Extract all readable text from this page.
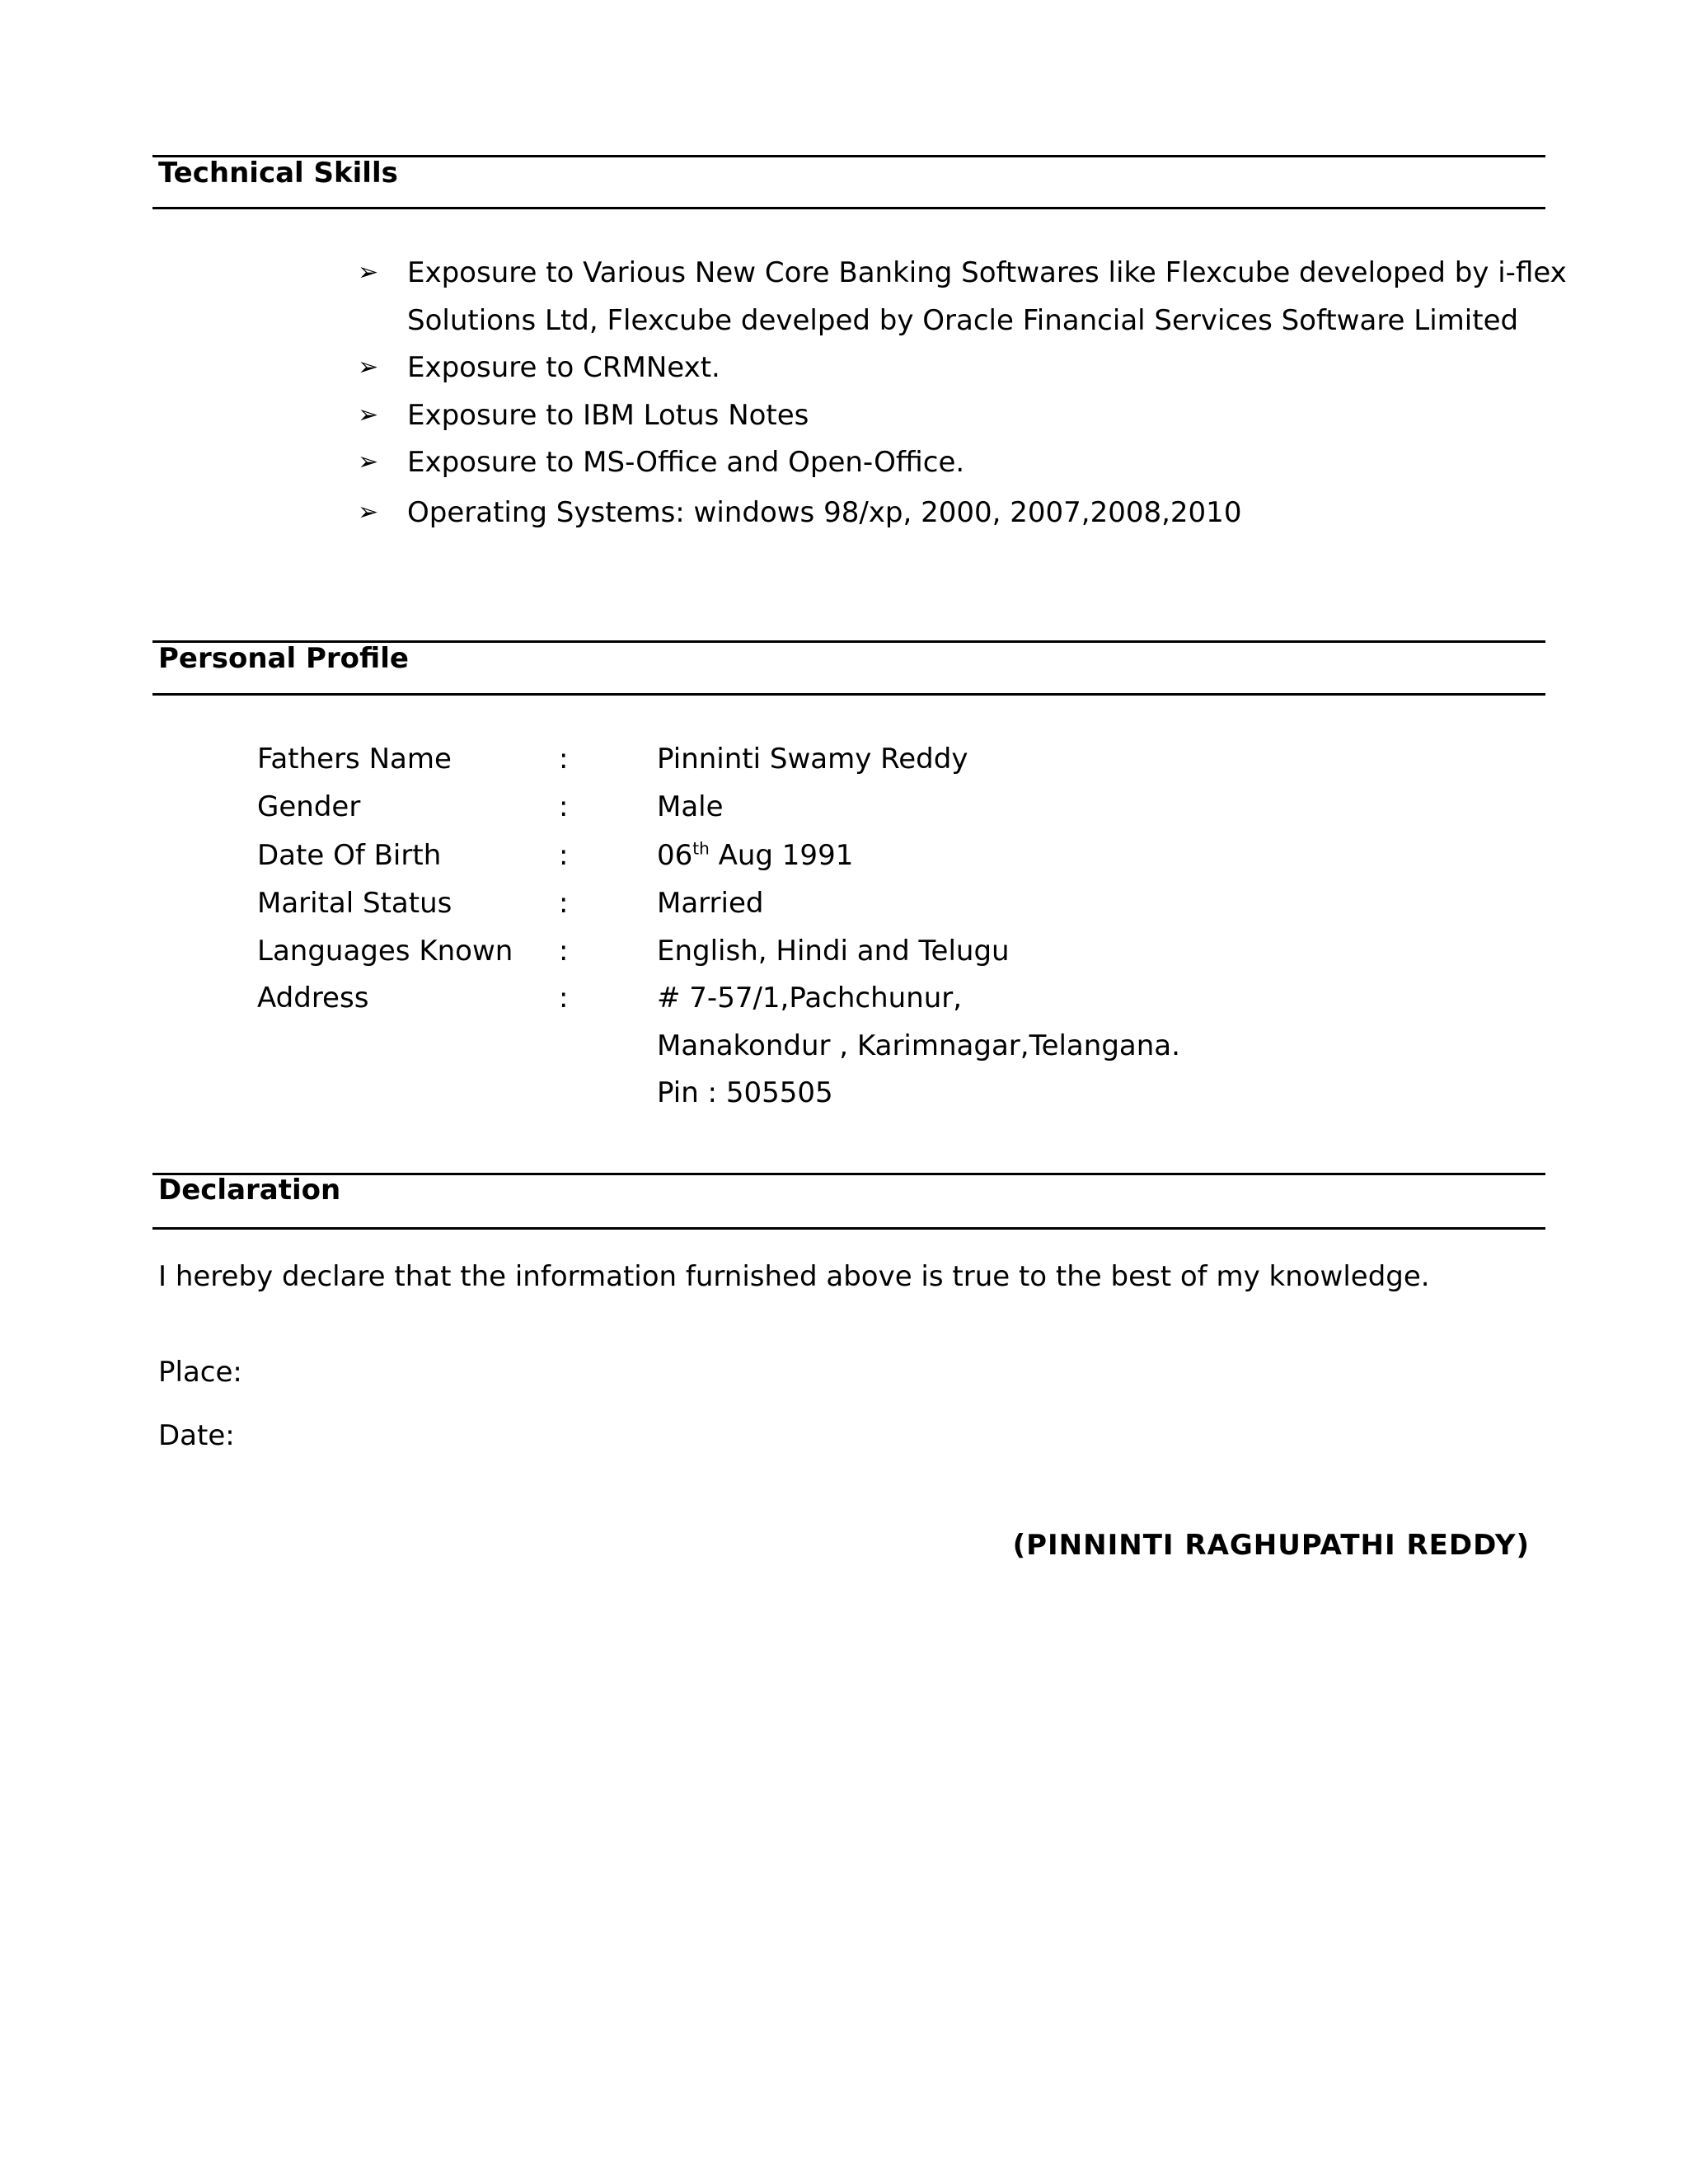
Technical Skills
➢ Exposure to Various New Core Banking Softwares like Flexcube developed by i-flex
Solutions Ltd, Flexcube develped by Oracle Financial Services Software Limited
➢ Exposure to CRMNext.
➢ Exposure to IBM Lotus Notes
➢ Exposure to MS-Office and Open-Office.
➢ Operating Systems: windows 98/xp, 2000, 2007,2008,2010
Personal Profile
Fathers Name	:	Pinninti Swamy Reddy
Gender	:	Male
Date Of Birth	:	06th Aug 1991
Marital Status	:	Married
Languages Known :	English, Hindi and Telugu
Address	:	# 7-57/1,Pachchunur,
Manakondur , Karimnagar,Telangana.
Pin : 505505
Declaration
I hereby declare that the information furnished above is true to the best of my knowledge.
Place:
Date:
(PINNINTI RAGHUPATHI REDDY)
